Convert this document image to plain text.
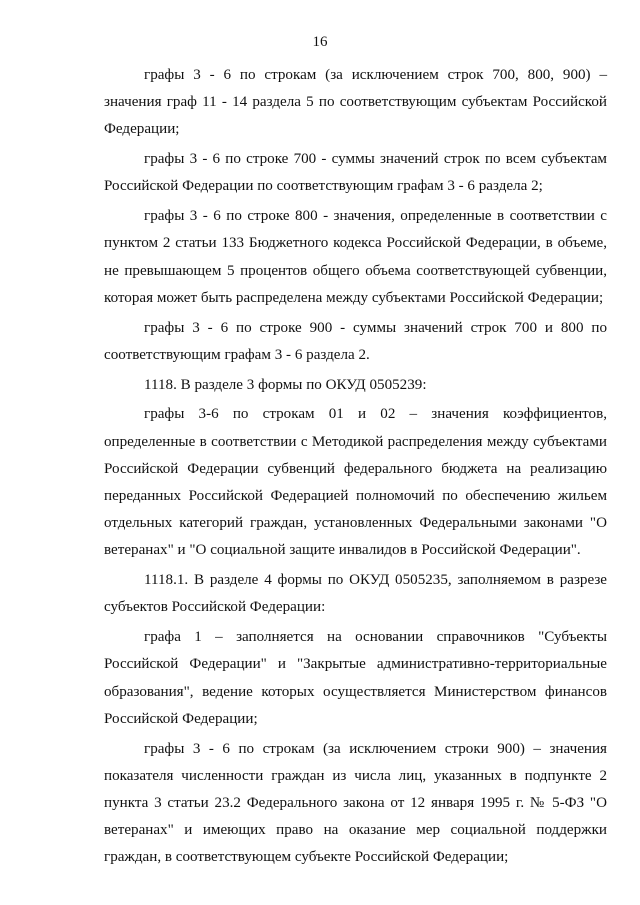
16

графы 3 - 6 по строкам (за исключением строк 700, 800, 900) – значения граф 11 - 14 раздела 5 по соответствующим субъектам Российской Федерации;

графы 3 - 6 по строке 700 - суммы значений строк по всем субъектам Российской Федерации по соответствующим графам 3 - 6 раздела 2;

графы 3 - 6 по строке 800 - значения, определенные в соответствии с пунктом 2 статьи 133 Бюджетного кодекса Российской Федерации, в объеме, не превышающем 5 процентов общего объема соответствующей субвенции, которая может быть распределена между субъектами Российской Федерации;

графы 3 - 6 по строке 900 - суммы значений строк 700 и 800 по соответствующим графам 3 - 6 раздела 2.

1118. В разделе 3 формы по ОКУД 0505239:

графы 3-6 по строкам 01 и 02 – значения коэффициентов, определенные в соответствии с Методикой распределения между субъектами Российской Федерации субвенций федерального бюджета на реализацию переданных Российской Федерацией полномочий по обеспечению жильем отдельных категорий граждан, установленных Федеральными законами "О ветеранах" и "О социальной защите инвалидов в Российской Федерации".

1118.1. В разделе 4 формы по ОКУД 0505235, заполняемом в разрезе субъектов Российской Федерации:

графа 1 – заполняется на основании справочников "Субъекты Российской Федерации" и "Закрытые административно-территориальные образования", ведение которых осуществляется Министерством финансов Российской Федерации;

графы 3 - 6 по строкам (за исключением строки 900) – значения показателя численности граждан из числа лиц, указанных в подпункте 2 пункта 3 статьи 23.2 Федерального закона от 12 января 1995 г. № 5-ФЗ "О ветеранах" и имеющих право на оказание мер социальной поддержки граждан, в соответствующем субъекте Российской Федерации;
